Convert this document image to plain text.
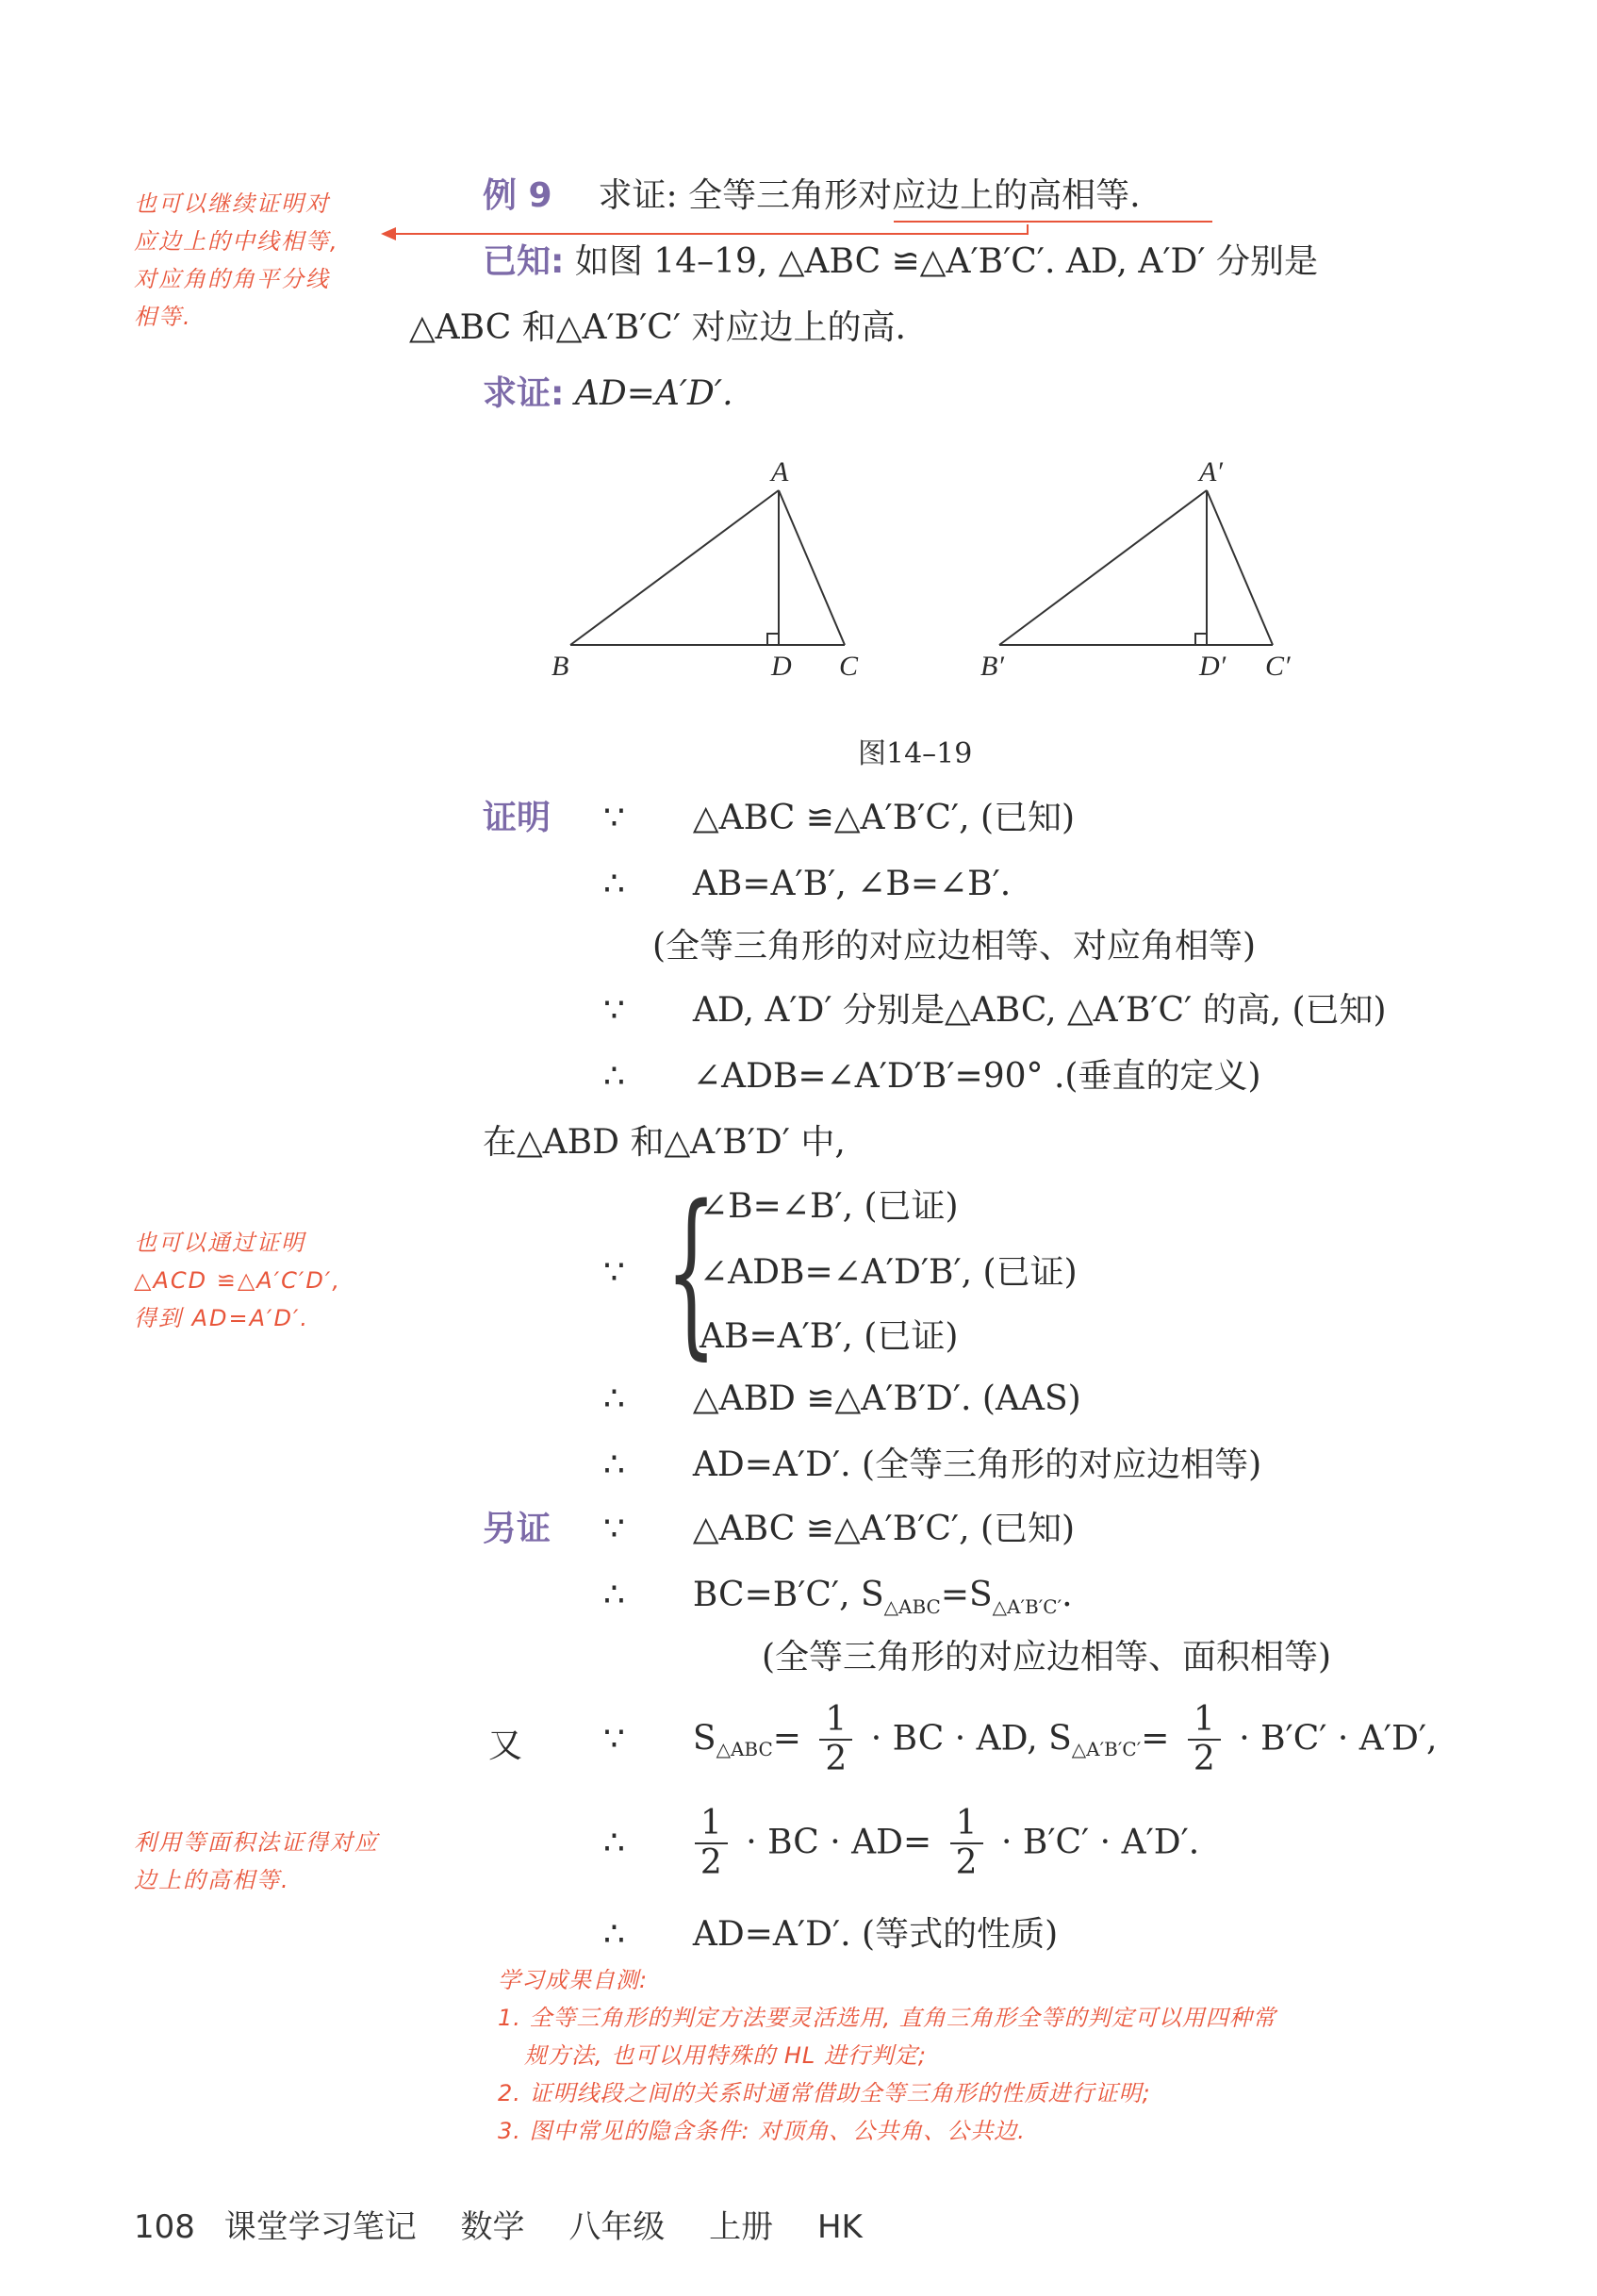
也可以继续证明对
应边上的中线相等,
对应角的角平分线
相等.
也可以通过证明
△ACD ≌△A′C′D′,
得到 AD=A′D′.
利用等面积法证得对应
边上的高相等.
例 9 求证: 全等三角形对应边上的高相等.
已知: 如图 14–19, △ABC ≌△A′B′C′. AD, A′D′ 分别是
△ABC 和△A′B′C′ 对应边上的高.
求证: AD=A′D′.
A
B	D C
A′
B′	D′ C′
图14–19
证明 ∵ △ABC ≌△A′B′C′, (已知)
∴ AB=A′B′, ∠B=∠B′.
(全等三角形的对应边相等、对应角相等)
∵ AD, A′D′ 分别是△ABC, △A′B′C′ 的高, (已知)
∴ ∠ADB=∠A′D′B′=90° .(垂直的定义)
在△ABD 和△A′B′D′ 中,
∵ {
∠B=∠B′, (已证)
∠ADB=∠A′D′B′, (已证)
AB=A′B′, (已证)
∴ △ABD ≌△A′B′D′. (AAS)
∴ AD=A′D′. (全等三角形的对应边相等)
另证 ∵ △ABC ≌△A′B′C′, (已知)
∴ BC=B′C′, $S_{\triangle ABC}=S_{\triangle A'B'C'}$.
(全等三角形的对应边相等、面积相等)
又 ∵ $S_{\triangle ABC}= \frac{1}{2}$ · BC · AD, $S_{\triangle A'B'C'}= \frac{1}{2} \cdot B'C' \cdot A'D'$,
∴ $\frac{1}{2}$ · BC · $AD= \frac{1}{2} \cdot B'C' \cdot A'D'$.
∴ AD=A′D′. (等式的性质)
学习成果自测:
1. 全等三角形的判定方法要灵活选用, 直角三角形全等的判定可以用四种常
规方法, 也可以用特殊的 HL 进行判定;
2. 证明线段之间的关系时通常借助全等三角形的性质进行证明;
3. 图中常见的隐含条件: 对顶角、公共角、公共边.
108 课堂学习笔记 数学 八年级 上册 HK
